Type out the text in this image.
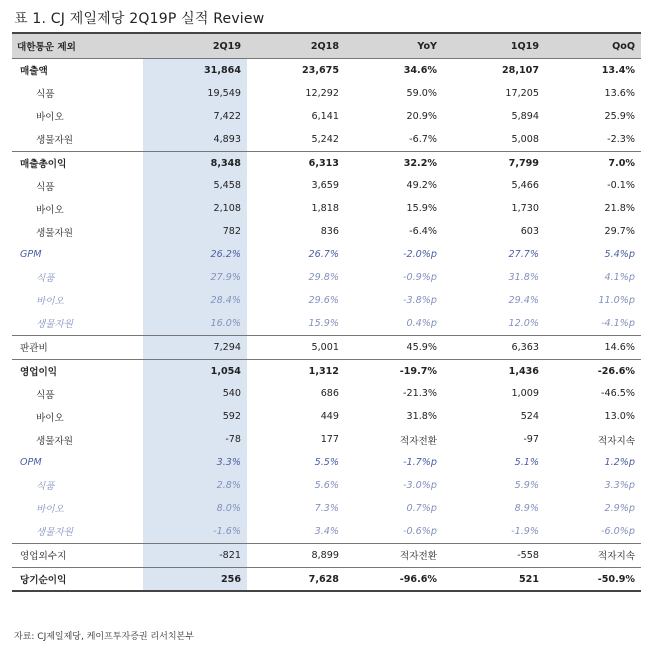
표 1. CJ 제일제당 2Q19P 실적 Review
대한통운 제외	2Q19	2Q18	YoY	1Q19	QoQ
매출액	31,864	23,675	34.6%	28,107	13.4%
식품	19,549	12,292	59.0%	17,205	13.6%
바이오	7,422	6,141	20.9%	5,894	25.9%
생물자원	4,893	5,242	-6.7%	5,008	-2.3%
매출총이익	8,348	6,313	32.2%	7,799	7.0%
식품	5,458	3,659	49.2%	5,466	-0.1%
바이오	2,108	1,818	15.9%	1,730	21.8%
생물자원	782	836	-6.4%	603	29.7%
GPM	26.2%	26.7%	-2.0%p	27.7%	5.4%p
식품	27.9%	29.8%	-0.9%p	31.8%	4.1%p
바이오	28.4%	29.6%	-3.8%p	29.4%	11.0%p
생물자원	16.0%	15.9%	0.4%p	12.0%	-4.1%p
판관비	7,294	5,001	45.9%	6,363	14.6%
영업이익	1,054	1,312	-19.7%	1,436	-26.6%
식품	540	686	-21.3%	1,009	-46.5%
바이오	592	449	31.8%	524	13.0%
생물자원	-78	177	적자전환	-97	적자지속
OPM	3.3%	5.5%	-1.7%p	5.1%	1.2%p
식품	2.8%	5.6%	-3.0%p	5.9%	3.3%p
바이오	8.0%	7.3%	0.7%p	8.9%	2.9%p
생물자원	-1.6%	3.4%	-0.6%p	-1.9%	-6.0%p
영업외수지	-821	8,899	적자전환	-558	적자지속
당기순이익	256	7,628	-96.6%	521	-50.9%
자료: CJ제일제당, 케이프투자증권 리서치본부
